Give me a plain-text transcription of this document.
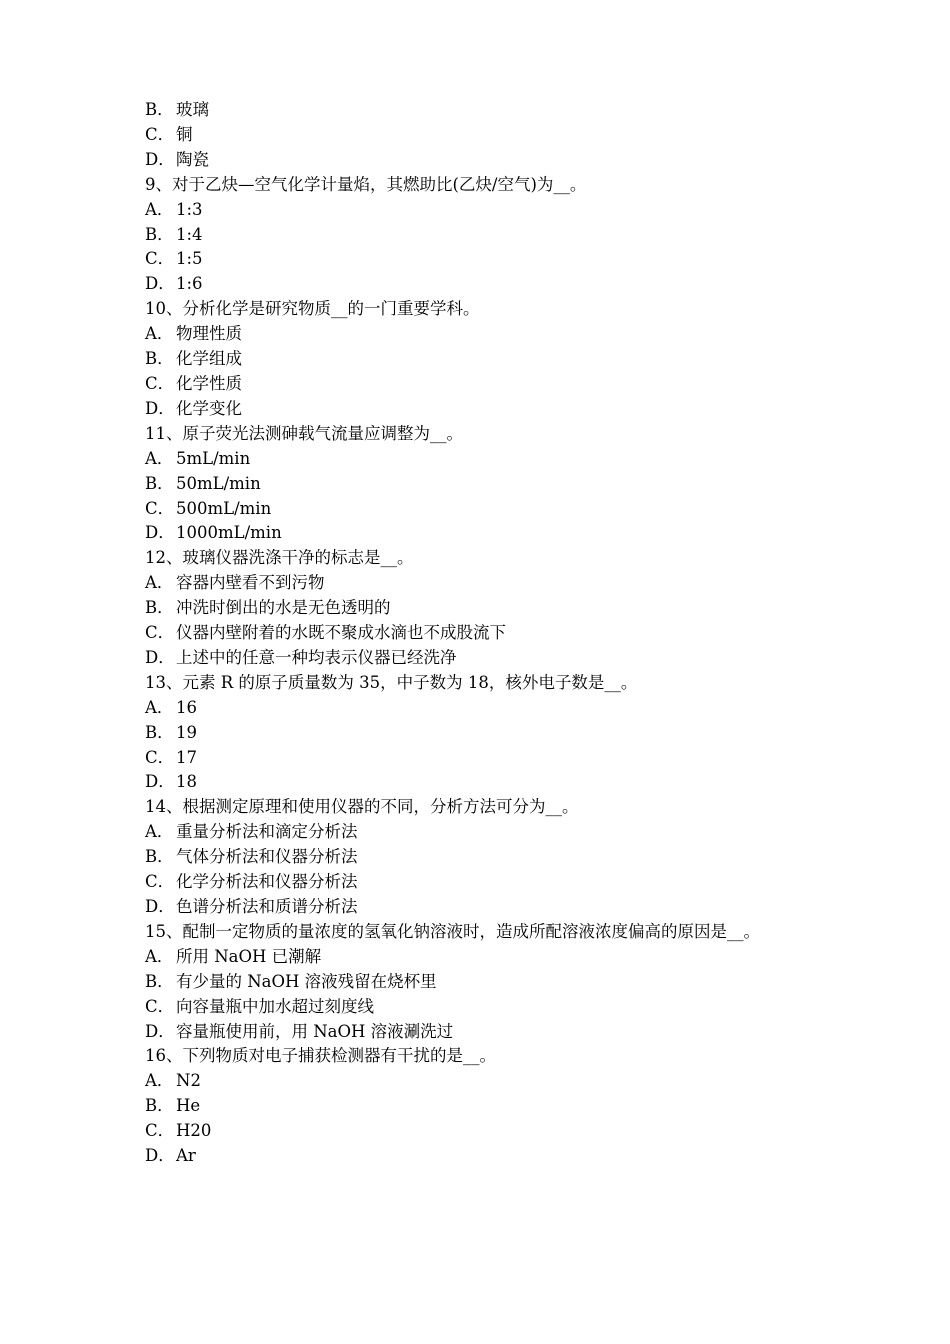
B． 玻璃
C． 铜
D．陶瓷
9、对于乙炔—空气化学计量焰，其燃助比(乙炔/空气)为__。
A． 1:3
B． 1:4
C． 1:5
D．1:6
10、分析化学是研究物质__的一门重要学科。
A． 物理性质
B． 化学组成
C． 化学性质
D．化学变化
11、原子荧光法测砷载气流量应调整为__。
A． 5mL/min
B． 50mL/min
C． 500mL/min
D．1000mL/min
12、玻璃仪器洗涤干净的标志是__。
A． 容器内壁看不到污物
B． 冲洗时倒出的水是无色透明的
C． 仪器内壁附着的水既不聚成水滴也不成股流下
D．上述中的任意一种均表示仪器已经洗净
13、元素 R 的原子质量数为 35，中子数为 18，核外电子数是__。
A． 16
B． 19
C． 17
D．18
14、根据测定原理和使用仪器的不同，分析方法可分为__。
A． 重量分析法和滴定分析法
B． 气体分析法和仪器分析法
C． 化学分析法和仪器分析法
D．色谱分析法和质谱分析法
15、配制一定物质的量浓度的氢氧化钠溶液时，造成所配溶液浓度偏高的原因是__。
A． 所用 NaOH 已潮解
B． 有少量的 NaOH 溶液残留在烧杯里
C． 向容量瓶中加水超过刻度线
D．容量瓶使用前，用 NaOH 溶液涮洗过
16、下列物质对电子捕获检测器有干扰的是__。
A． N2
B． He
C． H20
D．Ar
